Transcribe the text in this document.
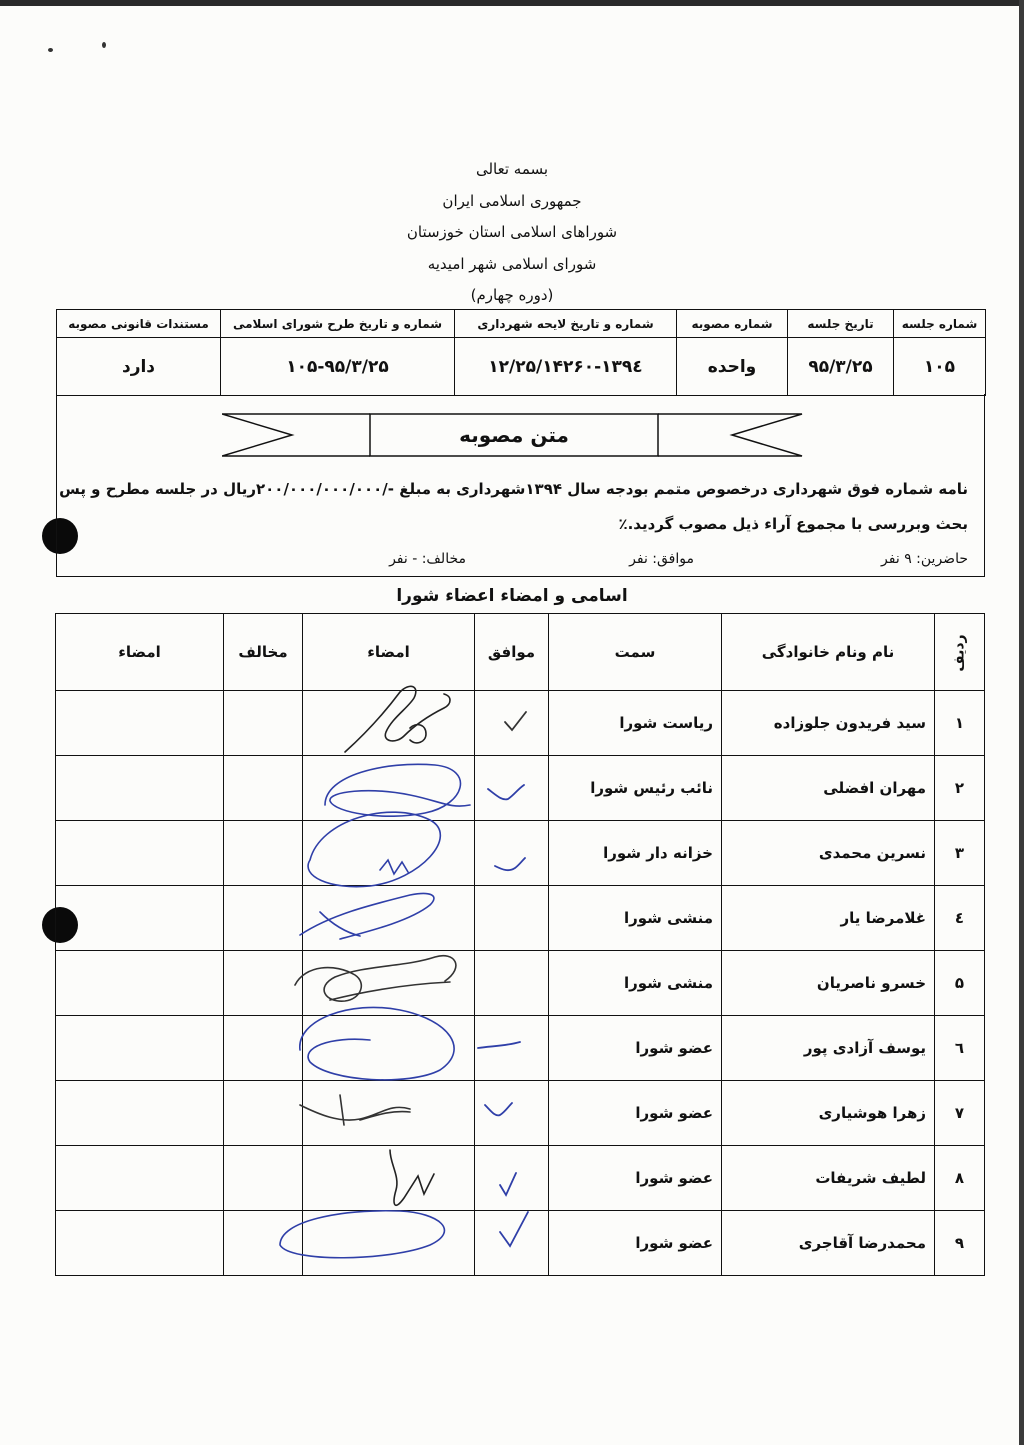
بسمه تعالی
جمهوری اسلامی ایران
شوراهای اسلامی استان خوزستان
شورای اسلامی شهر امیدیه
(دوره چهارم)
شماره جلسه	تاریخ جلسه	شماره مصوبه	شماره و تاریخ لایحه شهرداری	شماره و تاریخ طرح شورای اسلامی	مستندات قانونی مصوبه
۱۰۵	۹۵/۳/۲۵	واحده	۱۴۲۶۰-۱۳۹٤/۱۲/۲۵	۱۰۵-۹۵/۳/۲۵	دارد
متن مصوبه
نامه شماره فوق شهرداری درخصوص متمم بودجه سال ۱۳۹۴شهرداری به مبلغ -/۲۰۰/۰۰۰/۰۰۰/۰۰۰ریال در جلسه مطرح و پس
بحث وبررسی با مجموع آراء ذیل مصوب گردید.٪
حاضرین: ۹ نفر
موافق: نفر
مخالف: - نفر
اسامی و امضاء اعضاء شورا
ردیف	نام ونام خانوادگی	سمت	موافق	امضاء	مخالف	امضاء
۱	سید فریدون جلوزاده	ریاست شورا				
۲	مهران افضلی	نائب رئیس شورا				
۳	نسرین محمدی	خزانه دار شورا				
٤	غلامرضا یار	منشی شورا				
۵	خسرو ناصریان	منشی شورا				
٦	یوسف آزادی پور	عضو شورا				
۷	زهرا هوشیاری	عضو شورا				
۸	لطیف شریفات	عضو شورا				
۹	محمدرضا آقاجری	عضو شورا				
